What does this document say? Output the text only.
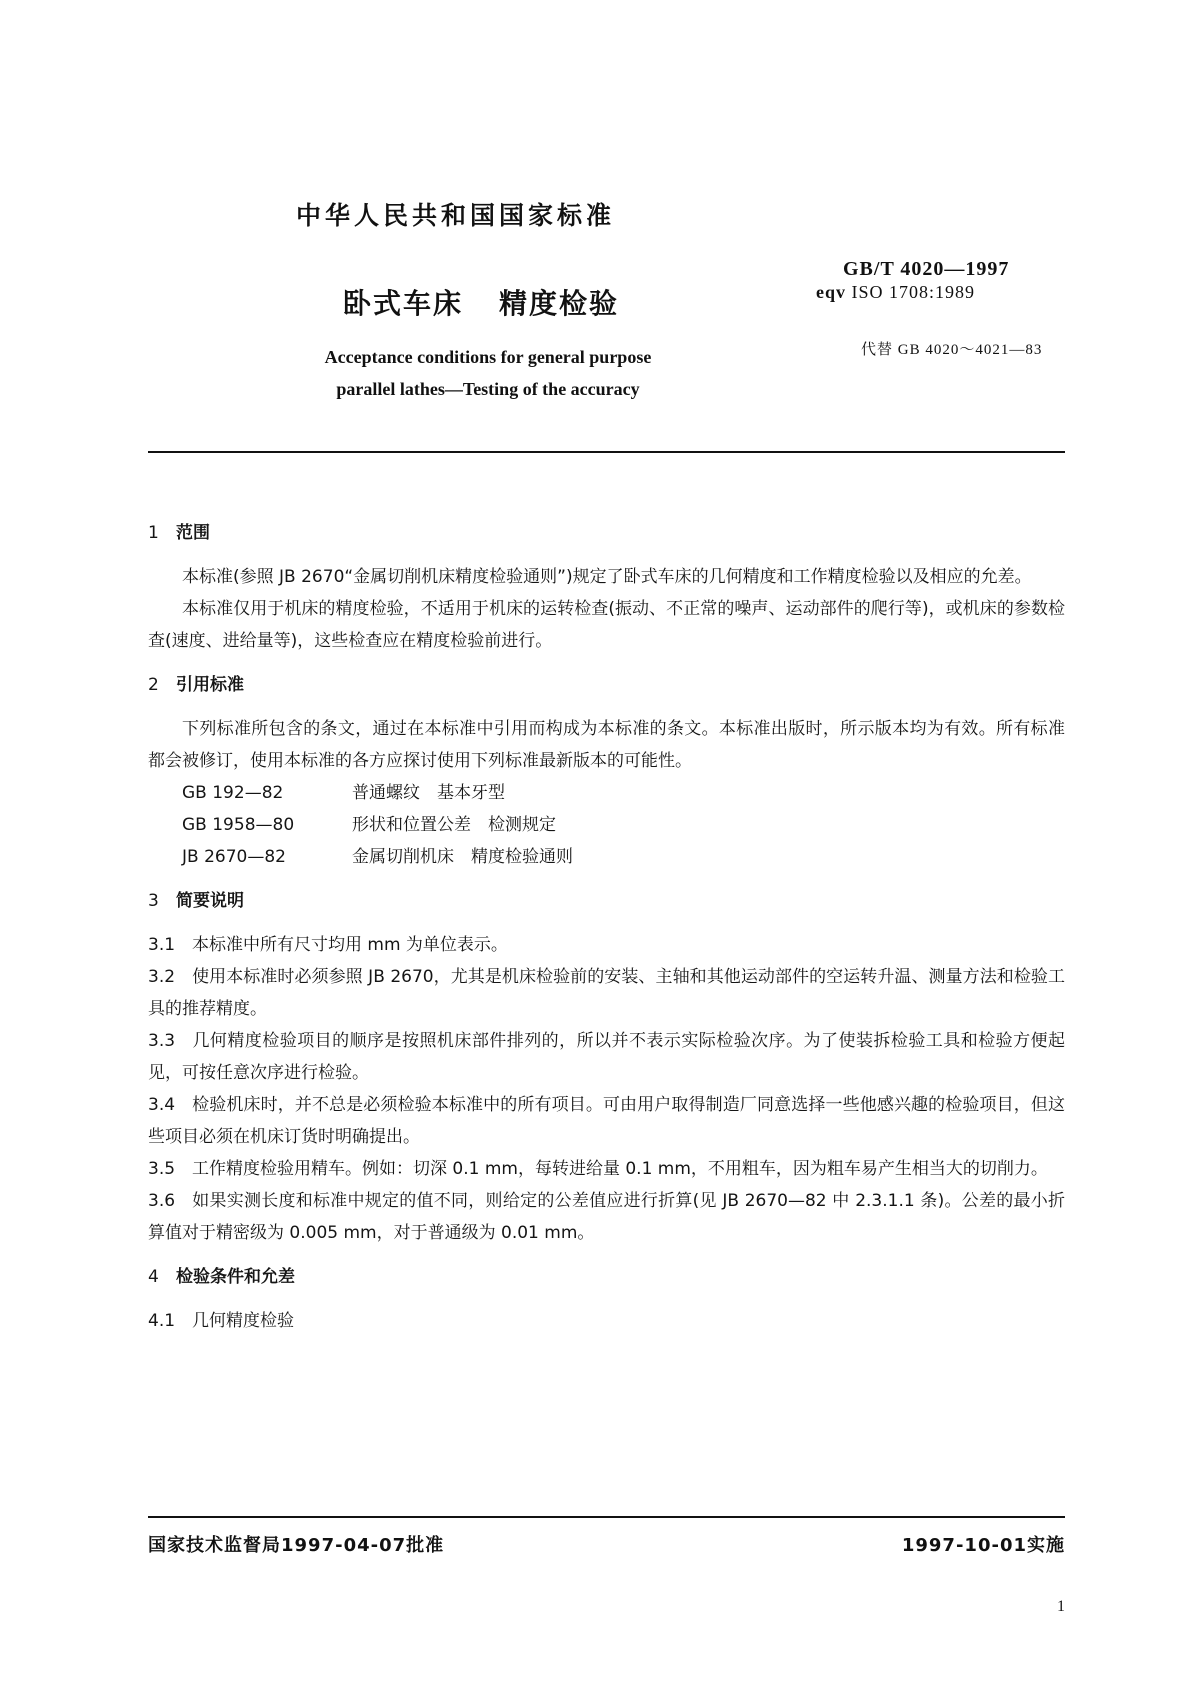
中华人民共和国国家标准
GB/T 4020—1997
eqv ISO 1708:1989
代替 GB 4020～4021—83
卧式车床 精度检验
Acceptance conditions for general purpose
parallel lathes—Testing of the accuracy
1 范围

本标准(参照 JB 2670“金属切削机床精度检验通则”)规定了卧式车床的几何精度和工作精度检验以及相应的允差。

本标准仅用于机床的精度检验，不适用于机床的运转检查(振动、不正常的噪声、运动部件的爬行等)，或机床的参数检查(速度、进给量等)，这些检查应在精度检验前进行。

2 引用标准

下列标准所包含的条文，通过在本标准中引用而构成为本标准的条文。本标准出版时，所示版本均为有效。所有标准都会被修订，使用本标准的各方应探讨使用下列标准最新版本的可能性。

GB 192—82	普通螺纹　基本牙型

GB 1958—80	形状和位置公差　检测规定

JB 2670—82	金属切削机床　精度检验通则

3 简要说明

3.1 本标准中所有尺寸均用 mm 为单位表示。

3.2 使用本标准时必须参照 JB 2670，尤其是机床检验前的安装、主轴和其他运动部件的空运转升温、测量方法和检验工具的推荐精度。

3.3 几何精度检验项目的顺序是按照机床部件排列的，所以并不表示实际检验次序。为了使装拆检验工具和检验方便起见，可按任意次序进行检验。

3.4 检验机床时，并不总是必须检验本标准中的所有项目。可由用户取得制造厂同意选择一些他感兴趣的检验项目，但这些项目必须在机床订货时明确提出。

3.5 工作精度检验用精车。例如：切深 0.1 mm，每转进给量 0.1 mm，不用粗车，因为粗车易产生相当大的切削力。

3.6 如果实测长度和标准中规定的值不同，则给定的公差值应进行折算(见 JB 2670—82 中 2.3.1.1 条)。公差的最小折算值对于精密级为 0.005 mm，对于普通级为 0.01 mm。

4 检验条件和允差

4.1 几何精度检验

国家技术监督局1997-04-07批准	1997-10-01实施
1
